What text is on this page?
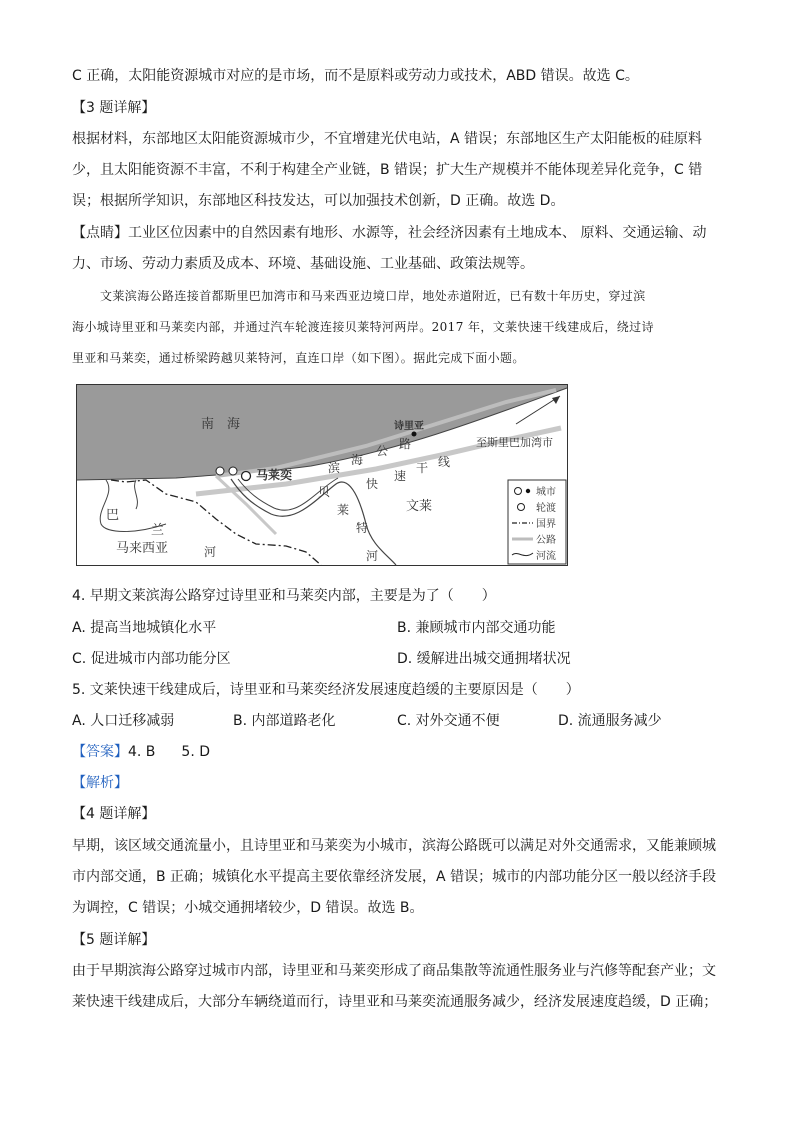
C 正确，太阳能资源城市对应的是市场，而不是原料或劳动力或技术，ABD 错误。故选 C。
【3 题详解】
根据材料，东部地区太阳能资源城市少，不宜增建光伏电站，A 错误；东部地区生产太阳能板的硅原料
少，且太阳能资源不丰富，不利于构建全产业链，B 错误；扩大生产规模并不能体现差异化竞争，C 错
误；根据所学知识，东部地区科技发达，可以加强技术创新，D 正确。故选 D。
【点睛】工业区位因素中的自然因素有地形、水源等，社会经济因素有土地成本、 原料、交通运输、动
力、市场、劳动力素质及成本、环境、基础设施、工业基础、政策法规等。
文莱滨海公路连接首都斯里巴加湾市和马来西亚边境口岸，地处赤道附近，已有数十年历史，穿过滨
海小城诗里亚和马莱奕内部，并通过汽车轮渡连接贝莱特河两岸。2017 年，文莱快速干线建成后，绕过诗
里亚和马莱奕，通过桥梁跨越贝莱特河，直连口岸（如下图）。据此完成下面小题。
南　海	诗里亚
至斯里巴加湾市
马莱奕	滨
海
公 路
快
速
干 线
文莱
贝
莱
特
河
巴
兰
河
马来西亚
城市
轮渡
国界
公路
河流
4. 早期文莱滨海公路穿过诗里亚和马莱奕内部，主要是为了（　　）
A. 提高当地城镇化水平	B. 兼顾城市内部交通功能
C. 促进城市内部功能分区	D. 缓解进出城交通拥堵状况
5. 文莱快速干线建成后，诗里亚和马莱奕经济发展速度趋缓的主要原因是（　　）
A. 人口迁移减弱	B. 内部道路老化	C. 对外交通不便	D. 流通服务减少
【答案】4. B 5. D
【解析】
【4 题详解】
早期，该区域交通流量小，且诗里亚和马莱奕为小城市，滨海公路既可以满足对外交通需求，又能兼顾城
市内部交通，B 正确；城镇化水平提高主要依靠经济发展，A 错误；城市的内部功能分区一般以经济手段
为调控，C 错误；小城交通拥堵较少，D 错误。故选 B。
【5 题详解】
由于早期滨海公路穿过城市内部，诗里亚和马莱奕形成了商品集散等流通性服务业与汽修等配套产业；文
莱快速干线建成后，大部分车辆绕道而行，诗里亚和马莱奕流通服务减少，经济发展速度趋缓，D 正确；
